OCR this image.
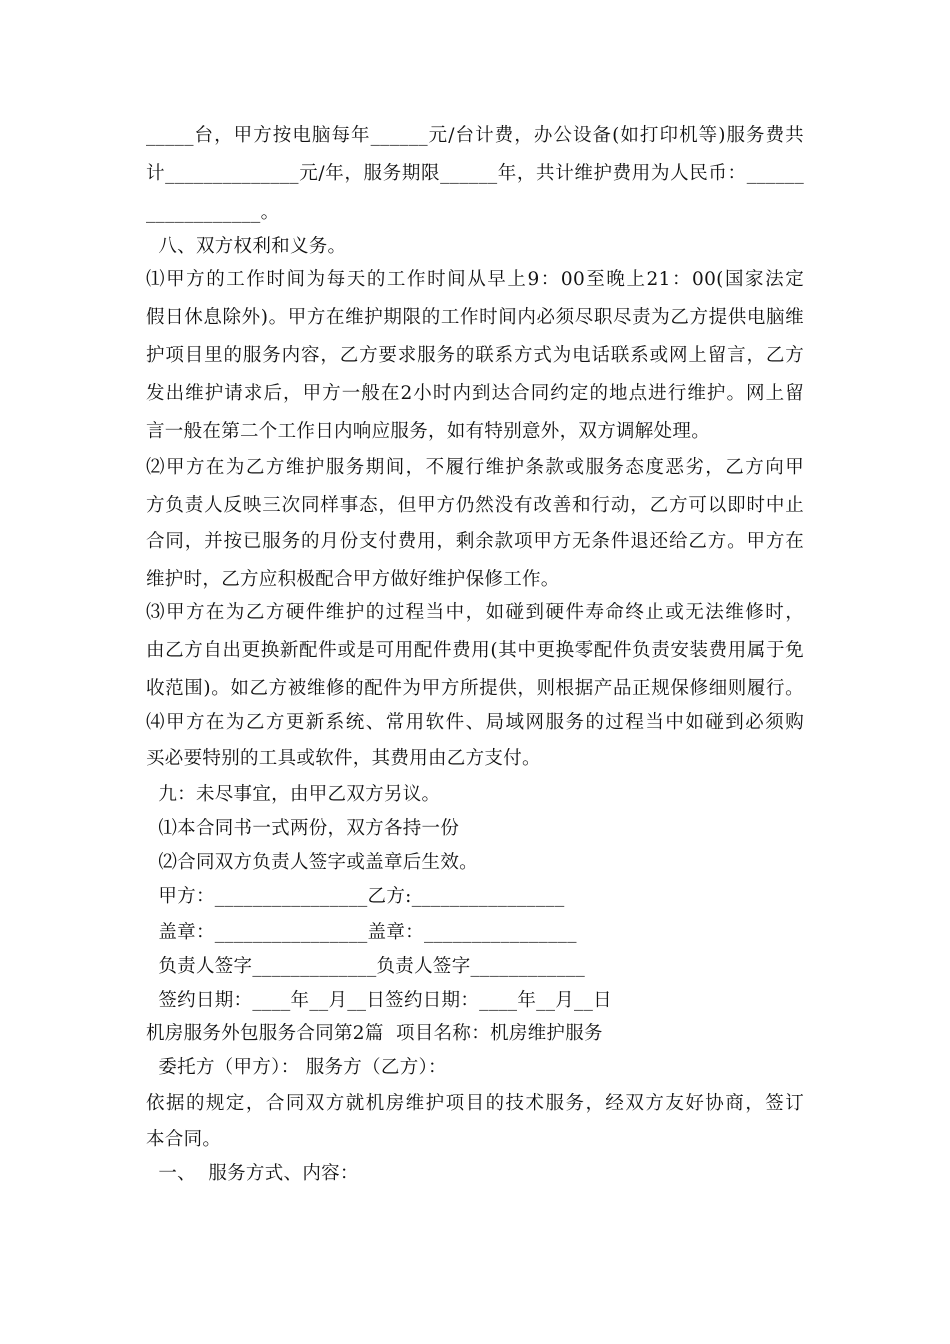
_____台，甲方按电脑每年______元/台计费，办公设备(如打印机等)服务费共
计______________元/年，服务期限______年，共计维护费用为人民币：______
____________。
八、双方权利和义务。
⑴甲方的工作时间为每天的工作时间从早上9：00至晚上21：00(国家法定
假日休息除外)。甲方在维护期限的工作时间内必须尽职尽责为乙方提供电脑维
护项目里的服务内容，乙方要求服务的联系方式为电话联系或网上留言，乙方
发出维护请求后，甲方一般在2小时内到达合同约定的地点进行维护。网上留
言一般在第二个工作日内响应服务，如有特别意外，双方调解处理。
⑵甲方在为乙方维护服务期间，不履行维护条款或服务态度恶劣，乙方向甲
方负责人反映三次同样事态，但甲方仍然没有改善和行动，乙方可以即时中止
合同，并按已服务的月份支付费用，剩余款项甲方无条件退还给乙方。甲方在
维护时，乙方应积极配合甲方做好维护保修工作。
⑶甲方在为乙方硬件维护的过程当中，如碰到硬件寿命终止或无法维修时，
由乙方自出更换新配件或是可用配件费用(其中更换零配件负责安装费用属于免
收范围)。如乙方被维修的配件为甲方所提供，则根据产品正规保修细则履行。
⑷甲方在为乙方更新系统、常用软件、局域网服务的过程当中如碰到必须购
买必要特别的工具或软件，其费用由乙方支付。
九：未尽事宜，由甲乙双方另议。
⑴本合同书一式两份，双方各持一份
⑵合同双方负责人签字或盖章后生效。
甲方：________________乙方:________________
盖章：________________盖章：________________
负责人签字_____________负责人签字____________
签约日期：____年__月__日签约日期：____年__月__日
机房服务外包服务合同第2篇  项目名称：机房维护服务
委托方（甲方）： 服务方（乙方）：
依据的规定，合同双方就机房维护项目的技术服务，经双方友好协商，签订
本合同。
一、  服务方式、内容：
